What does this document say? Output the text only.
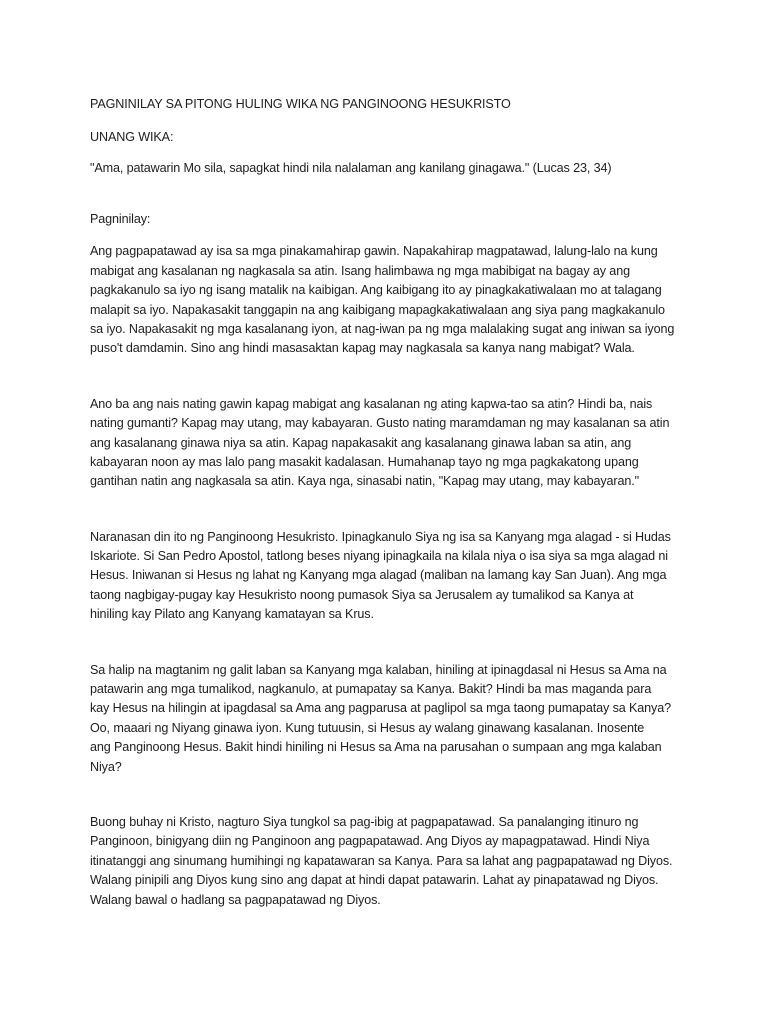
PAGNINILAY SA PITONG HULING WIKA NG PANGINOONG HESUKRISTO

UNANG WIKA:

"Ama, patawarin Mo sila, sapagkat hindi nila nalalaman ang kanilang ginagawa." (Lucas 23, 34)

Pagninilay:

Ang pagpapatawad ay isa sa mga pinakamahirap gawin. Napakahirap magpatawad, lalung-lalo na kung
mabigat ang kasalanan ng nagkasala sa atin. Isang halimbawa ng mga mabibigat na bagay ay ang
pagkakanulo sa iyo ng isang matalik na kaibigan. Ang kaibigang ito ay pinagkakatiwalaan mo at talagang
malapit sa iyo. Napakasakit tanggapin na ang kaibigang mapagkakatiwalaan ang siya pang magkakanulo
sa iyo. Napakasakit ng mga kasalanang iyon, at nag-iwan pa ng mga malalaking sugat ang iniwan sa iyong
puso't damdamin. Sino ang hindi masasaktan kapag may nagkasala sa kanya nang mabigat? Wala.
Ano ba ang nais nating gawin kapag mabigat ang kasalanan ng ating kapwa-tao sa atin? Hindi ba, nais
nating gumanti? Kapag may utang, may kabayaran. Gusto nating maramdaman ng may kasalanan sa atin
ang kasalanang ginawa niya sa atin. Kapag napakasakit ang kasalanang ginawa laban sa atin, ang
kabayaran noon ay mas lalo pang masakit kadalasan. Humahanap tayo ng mga pagkakatong upang
gantihan natin ang nagkasala sa atin. Kaya nga, sinasabi natin, "Kapag may utang, may kabayaran."
Naranasan din ito ng Panginoong Hesukristo. Ipinagkanulo Siya ng isa sa Kanyang mga alagad - si Hudas
Iskariote. Si San Pedro Apostol, tatlong beses niyang ipinagkaila na kilala niya o isa siya sa mga alagad ni
Hesus. Iniwanan si Hesus ng lahat ng Kanyang mga alagad (maliban na lamang kay San Juan). Ang mga
taong nagbigay-pugay kay Hesukristo noong pumasok Siya sa Jerusalem ay tumalikod sa Kanya at
hiniling kay Pilato ang Kanyang kamatayan sa Krus.
Sa halip na magtanim ng galit laban sa Kanyang mga kalaban, hiniling at ipinagdasal ni Hesus sa Ama na
patawarin ang mga tumalikod, nagkanulo, at pumapatay sa Kanya. Bakit? Hindi ba mas maganda para
kay Hesus na hilingin at ipagdasal sa Ama ang pagparusa at paglipol sa mga taong pumapatay sa Kanya?
Oo, maaari ng Niyang ginawa iyon. Kung tutuusin, si Hesus ay walang ginawang kasalanan. Inosente
ang Panginoong Hesus. Bakit hindi hiniling ni Hesus sa Ama na parusahan o sumpaan ang mga kalaban
Niya?
Buong buhay ni Kristo, nagturo Siya tungkol sa pag-ibig at pagpapatawad. Sa panalanging itinuro ng
Panginoon, binigyang diin ng Panginoon ang pagpapatawad. Ang Diyos ay mapagpatawad. Hindi Niya
itinatanggi ang sinumang humihingi ng kapatawaran sa Kanya. Para sa lahat ang pagpapatawad ng Diyos.
Walang pinipili ang Diyos kung sino ang dapat at hindi dapat patawarin. Lahat ay pinapatawad ng Diyos.
Walang bawal o hadlang sa pagpapatawad ng Diyos.
